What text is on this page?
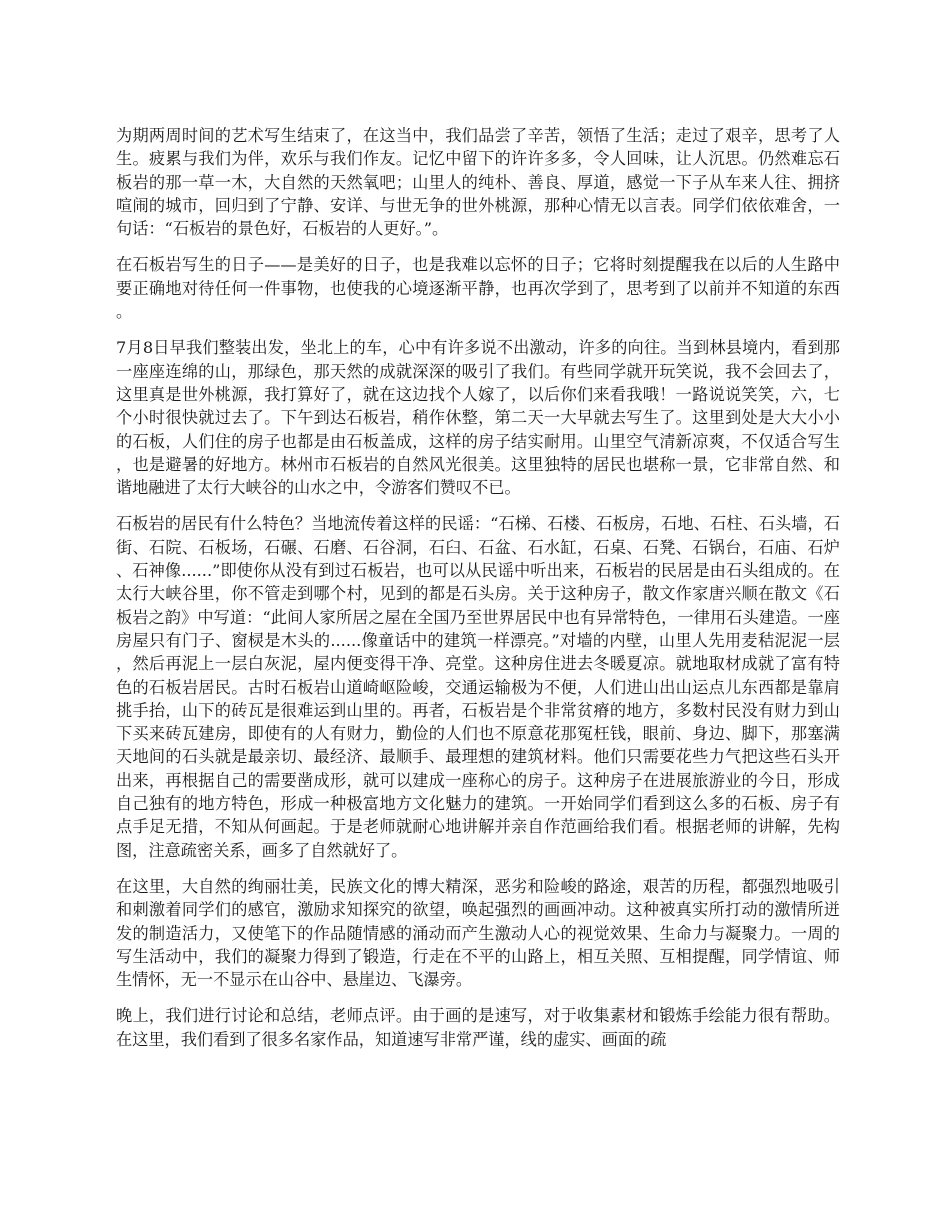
为期两周时间的艺术写生结束了，在这当中，我们品尝了辛苦，领悟了生活；走过了艰辛，思考了人生。疲累与我们为伴，欢乐与我们作友。记忆中留下的许许多多，令人回味，让人沉思。仍然难忘石板岩的那一草一木，大自然的天然氧吧；山里人的纯朴、善良、厚道，感觉一下子从车来人往、拥挤喧闹的城市，回归到了宁静、安详、与世无争的世外桃源，那种心情无以言表。同学们依依难舍，一句话：“石板岩的景色好，石板岩的人更好。”。

在石板岩写生的日子——是美好的日子，也是我难以忘怀的日子；它将时刻提醒我在以后的人生路中要正确地对待任何一件事物，也使我的心境逐渐平静，也再次学到了，思考到了以前并不知道的东西。

7月8日早我们整装出发，坐北上的车，心中有许多说不出激动，许多的向往。当到林县境内，看到那一座座连绵的山，那绿色，那天然的成就深深的吸引了我们。有些同学就开玩笑说，我不会回去了，这里真是世外桃源，我打算好了，就在这边找个人嫁了，以后你们来看我哦！一路说说笑笑，六，七个小时很快就过去了。下午到达石板岩，稍作休整，第二天一大早就去写生了。这里到处是大大小小的石板，人们住的房子也都是由石板盖成，这样的房子结实耐用。山里空气清新凉爽，不仅适合写生，也是避暑的好地方。林州市石板岩的自然风光很美。这里独特的居民也堪称一景，它非常自然、和谐地融进了太行大峡谷的山水之中，令游客们赞叹不已。

石板岩的居民有什么特色？当地流传着这样的民谣：“石梯、石楼、石板房，石地、石柱、石头墙，石街、石院、石板场，石碾、石磨、石谷洞，石臼、石盆、石水缸，石桌、石凳、石锅台，石庙、石炉、石神像......”即使你从没有到过石板岩，也可以从民谣中听出来，石板岩的民居是由石头组成的。在太行大峡谷里，你不管走到哪个村，见到的都是石头房。关于这种房子，散文作家唐兴顺在散文《石板岩之韵》中写道：“此间人家所居之屋在全国乃至世界居民中也有异常特色，一律用石头建造。一座房屋只有门子、窗棂是木头的......像童话中的建筑一样漂亮。”对墙的内壁，山里人先用麦秸泥泥一层，然后再泥上一层白灰泥，屋内便变得干净、亮堂。这种房住进去冬暖夏凉。就地取材成就了富有特色的石板岩居民。古时石板岩山道崎岖险峻，交通运输极为不便，人们进山出山运点儿东西都是靠肩挑手抬，山下的砖瓦是很难运到山里的。再者，石板岩是个非常贫瘠的地方，多数村民没有财力到山下买来砖瓦建房，即使有的人有财力，勤俭的人们也不原意花那冤枉钱，眼前、身边、脚下，那塞满天地间的石头就是最亲切、最经济、最顺手、最理想的建筑材料。他们只需要花些力气把这些石头开出来，再根据自己的需要凿成形，就可以建成一座称心的房子。这种房子在进展旅游业的今日，形成自己独有的地方特色，形成一种极富地方文化魅力的建筑。一开始同学们看到这么多的石板、房子有点手足无措，不知从何画起。于是老师就耐心地讲解并亲自作范画给我们看。根据老师的讲解，先构图，注意疏密关系，画多了自然就好了。

在这里，大自然的绚丽壮美，民族文化的博大精深，恶劣和险峻的路途，艰苦的历程，都强烈地吸引和刺激着同学们的感官，激励求知探究的欲望，唤起强烈的画画冲动。这种被真实所打动的激情所迸发的制造活力，又使笔下的作品随情感的涌动而产生激动人心的视觉效果、生命力与凝聚力。一周的写生活动中，我们的凝聚力得到了锻造，行走在不平的山路上，相互关照、互相提醒，同学情谊、师生情怀，无一不显示在山谷中、悬崖边、飞瀑旁。

晚上，我们进行讨论和总结，老师点评。由于画的是速写，对于收集素材和锻炼手绘能力很有帮助。在这里，我们看到了很多名家作品，知道速写非常严谨，线的虚实、画面的疏
